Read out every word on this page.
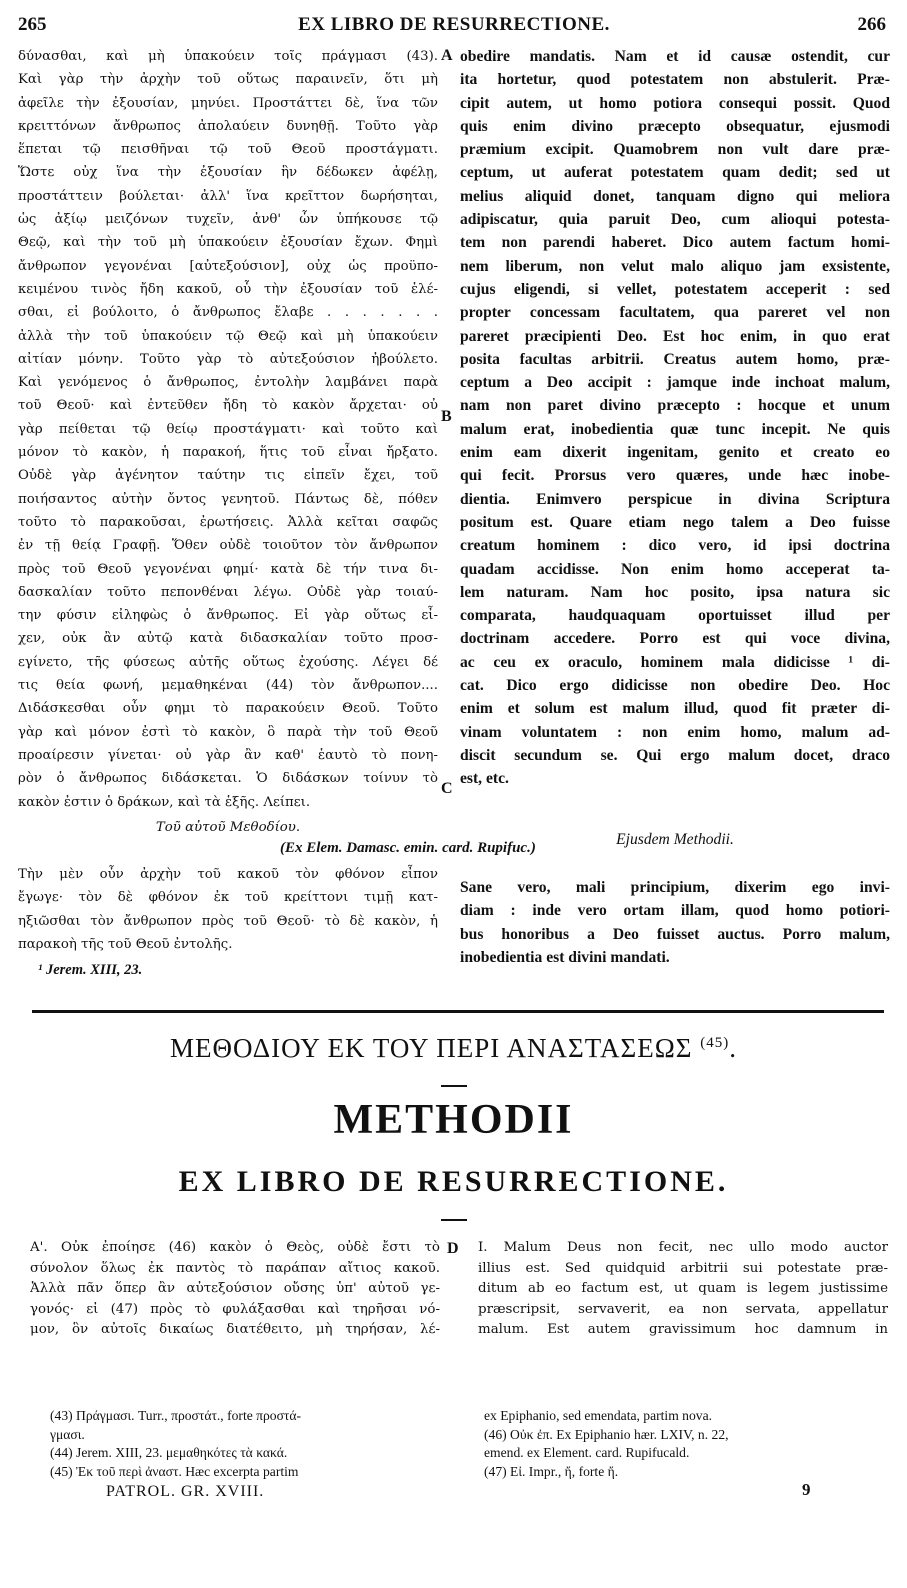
265	EX LIBRO DE RESURRECTIONE.	266
δύνασθαι, καὶ μὴ ὑπακούειν τοῖς πράγμασι (43).
Καὶ γὰρ τὴν ἀρχὴν τοῦ οὕτως παραινεῖν, ὅτι μὴ
ἀφεῖλε τὴν ἐξουσίαν, μηνύει. Προστάττει δὲ, ἵνα τῶν
κρειττόνων ἄνθρωπος ἀπολαύειν δυνηθῇ. Τοῦτο γὰρ
ἕπεται τῷ πεισθῆναι τῷ τοῦ Θεοῦ προστάγματι.
Ὥστε οὐχ ἵνα τὴν ἐξουσίαν ἣν δέδωκεν ἀφέλῃ,
προστάττειν βούλεται· ἀλλ' ἵνα κρεῖττον δωρήσηται,
ὡς ἀξίῳ μειζόνων τυχεῖν, ἀνθ' ὧν ὑπήκουσε τῷ
Θεῷ, καὶ τὴν τοῦ μὴ ὑπακούειν ἐξουσίαν ἔχων. Φημὶ
ἄνθρωπον γεγονέναι [αὐτεξούσιον], οὐχ ὡς προϋπο-
κειμένου τινὸς ἤδη κακοῦ, οὗ τὴν ἐξουσίαν τοῦ ἑλέ-
σθαι, εἰ βούλοιτο, ὁ ἄνθρωπος ἔλαβε . . . . . . .
ἀλλὰ τὴν τοῦ ὑπακούειν τῷ Θεῷ καὶ μὴ ὑπακούειν
αἰτίαν μόνην. Τοῦτο γὰρ τὸ αὐτεξούσιον ἠβούλετο.
Καὶ γενόμενος ὁ ἄνθρωπος, ἐντολὴν λαμβάνει παρὰ
τοῦ Θεοῦ· καὶ ἐντεῦθεν ἤδη τὸ κακὸν ἄρχεται· οὐ
γὰρ πείθεται τῷ θείῳ προστάγματι· καὶ τοῦτο καὶ
μόνον τὸ κακὸν, ἡ παρακοή, ἥτις τοῦ εἶναι ἤρξατο.
Οὐδὲ γὰρ ἀγένητον ταύτην τις εἰπεῖν ἔχει, τοῦ
ποιήσαντος αὐτὴν ὄντος γενητοῦ. Πάντως δὲ, πόθεν
τοῦτο τὸ παρακοῦσαι, ἐρωτήσεις. Ἀλλὰ κεῖται σαφῶς
ἐν τῇ θείᾳ Γραφῇ. Ὅθεν οὐδὲ τοιοῦτον τὸν ἄνθρωπον
πρὸς τοῦ Θεοῦ γεγονέναι φημί· κατὰ δὲ τήν τινα δι-
δασκαλίαν τοῦτο πεπονθέναι λέγω. Οὐδὲ γὰρ τοιαύ-
την φύσιν εἰληφὼς ὁ ἄνθρωπος. Εἰ γὰρ οὕτως εἶ-
χεν, οὐκ ἂν αὐτῷ κατὰ διδασκαλίαν τοῦτο προσ-
εγίνετο, τῆς φύσεως αὐτῆς οὕτως ἐχούσης. Λέγει δέ
τις θεία φωνή, μεμαθηκέναι (44) τὸν ἄνθρωπον....
Διδάσκεσθαι οὖν φημι τὸ παρακούειν Θεοῦ. Τοῦτο
γὰρ καὶ μόνον ἐστὶ τὸ κακὸν, ὃ παρὰ τὴν τοῦ Θεοῦ
προαίρεσιν γίνεται· οὐ γὰρ ἂν καθ' ἑαυτὸ τὸ πονη-
ρὸν ὁ ἄνθρωπος διδάσκεται. Ὁ διδάσκων τοίνυν τὸ
κακὸν ἐστιν ὁ δράκων, καὶ τὰ ἑξῆς. Λείπει.
Τοῦ αὐτοῦ Μεθοδίου.
(Ex Elem. Damasc. emin. card. Rupifuc.)
Τὴν μὲν οὖν ἀρχὴν τοῦ κακοῦ τὸν φθόνον εἶπον
ἔγωγε· τὸν δὲ φθόνον ἐκ τοῦ κρείττονι τιμῇ κατ-
ηξιῶσθαι τὸν ἄνθρωπον πρὸς τοῦ Θεοῦ· τὸ δὲ κακὸν, ἡ
παρακοὴ τῆς τοῦ Θεοῦ ἐντολῆς.
¹ Jerem. XIII, 23.
A
B
C
obedire mandatis. Nam et id causæ ostendit, cur
ita hortetur, quod potestatem non abstulerit. Præ-
cipit autem, ut homo potiora consequi possit. Quod
quis enim divino præcepto obsequatur, ejusmodi
præmium excipit. Quamobrem non vult dare præ-
ceptum, ut auferat potestatem quam dedit; sed ut
melius aliquid donet, tanquam digno qui meliora
adipiscatur, quia paruit Deo, cum alioqui potesta-
tem non parendi haberet. Dico autem factum homi-
nem liberum, non velut malo aliquo jam exsistente,
cujus eligendi, si vellet, potestatem acceperit : sed
propter concessam facultatem, qua pareret vel non
pareret præcipienti Deo. Est hoc enim, in quo erat
posita facultas arbitrii. Creatus autem homo, præ-
ceptum a Deo accipit : jamque inde inchoat malum,
nam non paret divino præcepto : hocque et unum
malum erat, inobedientia quæ tunc incepit. Ne quis
enim eam dixerit ingenitam, genito et creato eo
qui fecit. Prorsus vero quæres, unde hæc inobe-
dientia. Enimvero perspicue in divina Scriptura
positum est. Quare etiam nego talem a Deo fuisse
creatum hominem : dico vero, id ipsi doctrina
quadam accidisse. Non enim homo acceperat ta-
lem naturam. Nam hoc posito, ipsa natura sic
comparata, haudquaquam oportuisset illud per
doctrinam accedere. Porro est qui voce divina,
ac ceu ex oraculo, hominem mala didicisse ¹ di-
cat. Dico ergo didicisse non obedire Deo. Hoc
enim et solum est malum illud, quod fit præter di-
vinam voluntatem : non enim homo, malum ad-
discit secundum se. Qui ergo malum docet, draco
est, etc.
Ejusdem Methodii.
Sane vero, mali principium, dixerim ego invi-
diam : inde vero ortam illam, quod homo potiori-
bus honoribus a Deo fuisset auctus. Porro malum,
inobedientia est divini mandati.
ΜΕΘΟΔΙΟΥ ΕΚ ΤΟΥ ΠΕΡΙ ΑΝΑΣΤΑΣΕΩΣ $^{(45)}$.
METHODII
EX LIBRO DE RESURRECTIONE.
Α'. Οὐκ ἐποίησε (46) κακὸν ὁ Θεὸς, οὐδὲ ἔστι τὸ
σύνολον ὅλως ἐκ παντὸς τὸ παράπαν αἴτιος κακοῦ.
Ἀλλὰ πᾶν ὅπερ ἂν αὐτεξούσιον οὔσης ὑπ' αὐτοῦ γε-
γονός· εἰ (47) πρὸς τὸ φυλάξασθαι καὶ τηρῆσαι νό-
μον, ὃν αὐτοῖς δικαίως διατέθειτο, μὴ τηρήσαν, λέ-
D I. Malum Deus non fecit, nec ullo modo auctor
illius est. Sed quidquid arbitrii sui potestate præ-
ditum ab eo factum est, ut quam is legem justissime
præscripsit, servaverit, ea non servata, appellatur
malum. Est autem gravissimum hoc damnum in
(43) Πράγμασι. Turr., προστάτ., forte προστά-
γμασι.
(44) Jerem. XIII, 23. μεμαθηκότες τὰ κακά.
(45) Ἐκ τοῦ περὶ ἀναστ. Hæc excerpta partim
PATROL. GR. XVIII.
ex Epiphanio, sed emendata, partim nova.
(46) Οὐκ ἐπ. Ex Epiphanio hær. LXIV, n. 22,
emend. ex Element. card. Rupifucald.
(47) Εἰ. Impr., ἤ, forte ἤ.
9
